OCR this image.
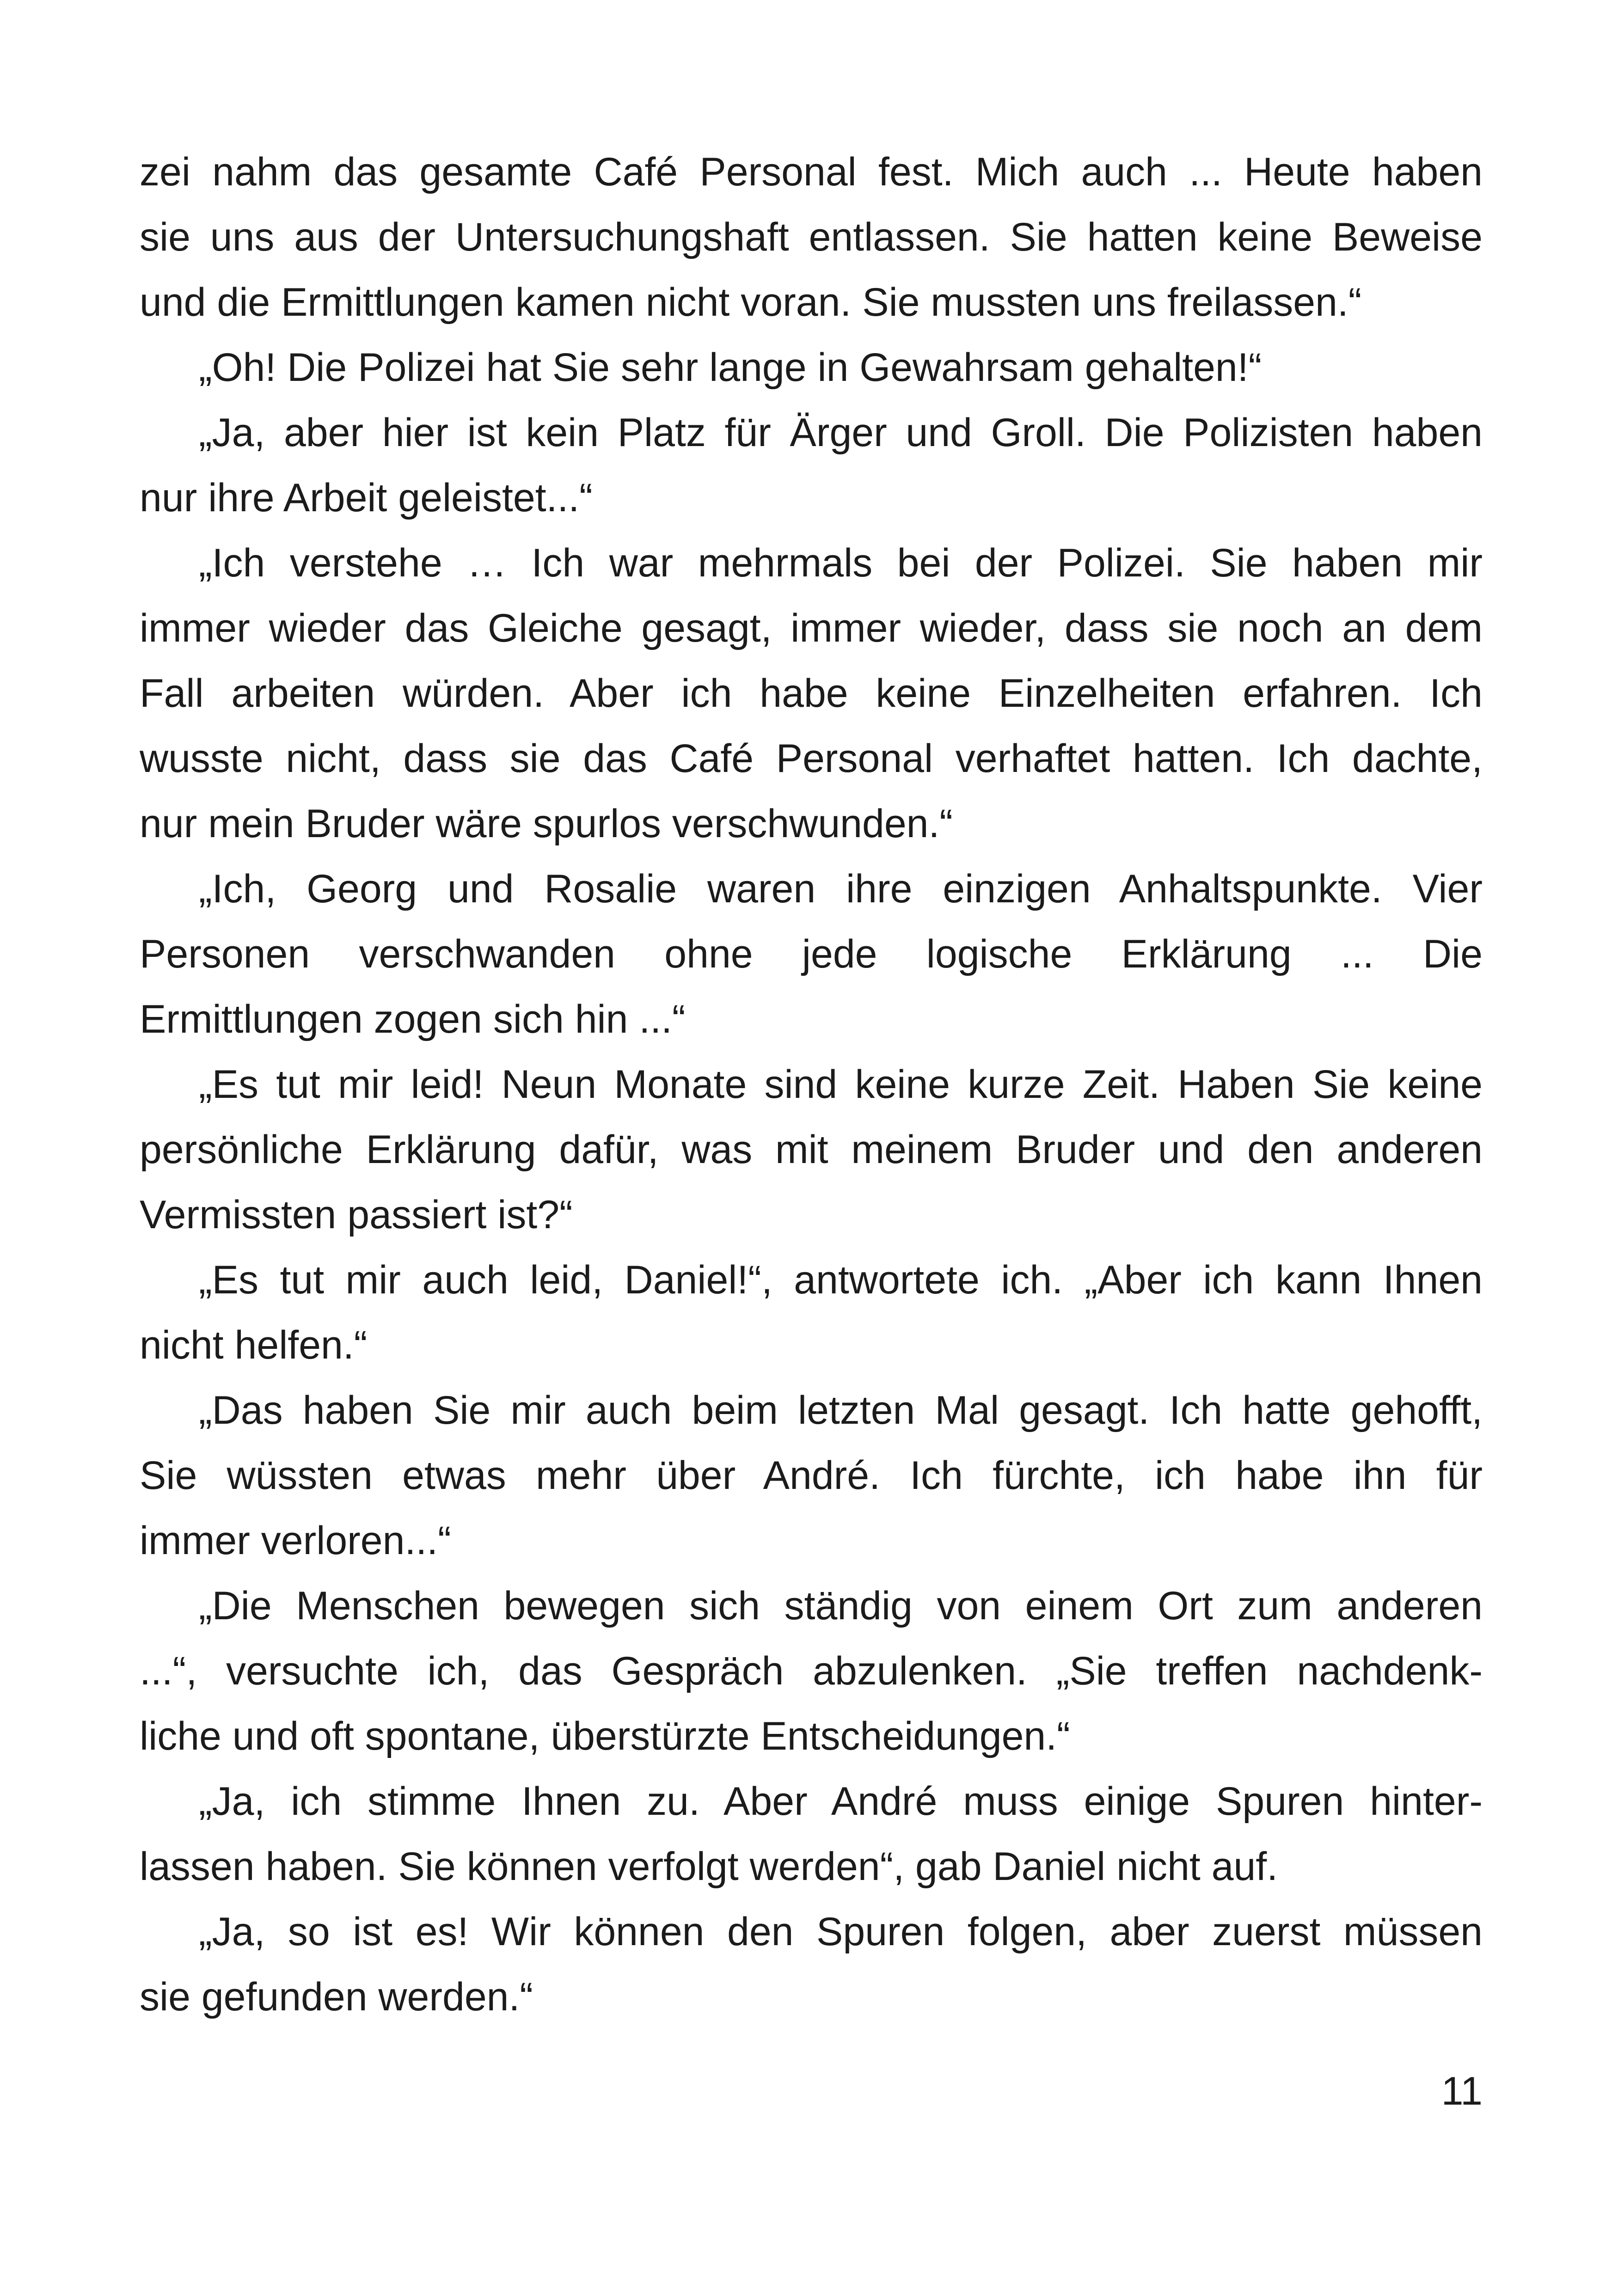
zei nahm das gesamte Café Personal fest. Mich auch ... Heute haben
sie uns aus der Untersuchungshaft entlassen. Sie hatten keine Beweise
und die Ermittlungen kamen nicht voran. Sie mussten uns freilassen.“
„Oh! Die Polizei hat Sie sehr lange in Gewahrsam gehalten!“
„Ja, aber hier ist kein Platz für Ärger und Groll. Die Polizisten haben
nur ihre Arbeit geleistet...“
„Ich verstehe … Ich war mehrmals bei der Polizei. Sie haben mir
immer wieder das Gleiche gesagt, immer wieder, dass sie noch an dem
Fall arbeiten würden. Aber ich habe keine Einzelheiten erfahren. Ich
wusste nicht, dass sie das Café Personal verhaftet hatten. Ich dachte,
nur mein Bruder wäre spurlos verschwunden.“
„Ich, Georg und Rosalie waren ihre einzigen Anhaltspunkte. Vier
Personen verschwanden ohne jede logische Erklärung ... Die
Ermittlungen zogen sich hin ...“
„Es tut mir leid! Neun Monate sind keine kurze Zeit. Haben Sie keine
persönliche Erklärung dafür, was mit meinem Bruder und den anderen
Vermissten passiert ist?“
„Es tut mir auch leid, Daniel!“, antwortete ich. „Aber ich kann Ihnen
nicht helfen.“
„Das haben Sie mir auch beim letzten Mal gesagt. Ich hatte gehofft,
Sie wüssten etwas mehr über André. Ich fürchte, ich habe ihn für
immer verloren...“
„Die Menschen bewegen sich ständig von einem Ort zum anderen
...“, versuchte ich, das Gespräch abzulenken. „Sie treffen nachdenk-
liche und oft spontane, überstürzte Entscheidungen.“
„Ja, ich stimme Ihnen zu. Aber André muss einige Spuren hinter-
lassen haben. Sie können verfolgt werden“, gab Daniel nicht auf.
„Ja, so ist es! Wir können den Spuren folgen, aber zuerst müssen
sie gefunden werden.“
11
